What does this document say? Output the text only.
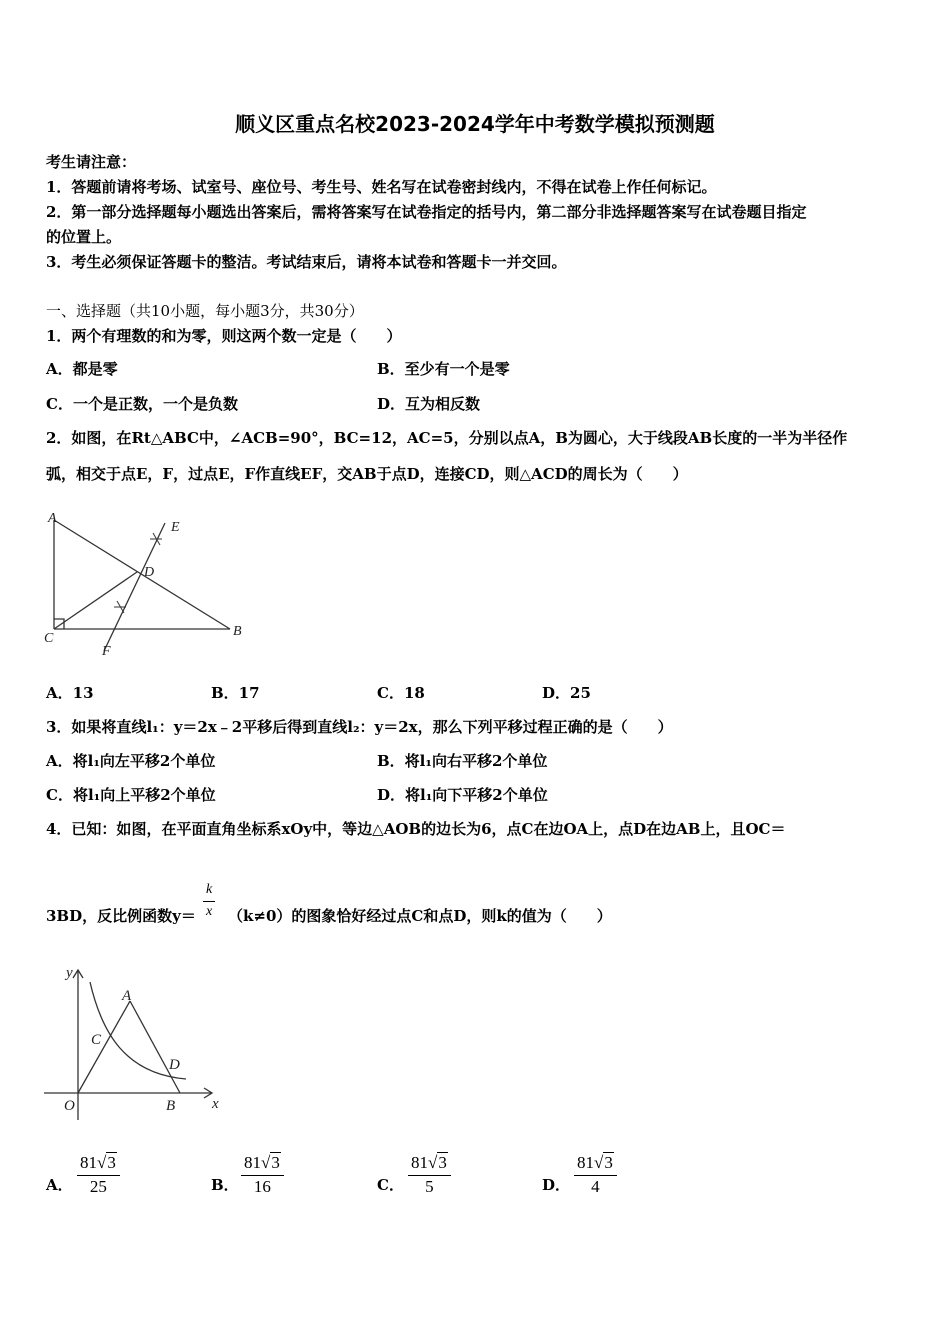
顺义区重点名校2023-2024学年中考数学模拟预测题
考生请注意：
1．答题前请将考场、试室号、座位号、考生号、姓名写在试卷密封线内，不得在试卷上作任何标记。
2．第一部分选择题每小题选出答案后，需将答案写在试卷指定的括号内，第二部分非选择题答案写在试卷题目指定
的位置上。
3．考生必须保证答题卡的整洁。考试结束后，请将本试卷和答题卡一并交回。
一、选择题（共10小题，每小题3分，共30分）
1．两个有理数的和为零，则这两个数一定是（　　）
A．都是零	B．至少有一个是零
C．一个是正数，一个是负数	D．互为相反数
2．如图，在Rt△ABC中，∠ACB=90°，BC=12，AC=5，分别以点A，B为圆心，大于线段AB长度的一半为半径作
弧，相交于点E，F，过点E，F作直线EF，交AB于点D，连接CD，则△ACD的周长为（　　）
A
C	B
D
E
F
A．13	B．17	C．18	D．25
3．如果将直线l₁：y＝2x﹣2平移后得到直线l₂：y＝2x，那么下列平移过程正确的是（　　）
A．将l₁向左平移2个单位	B．将l₁向右平移2个单位
C．将l₁向上平移2个单位	D．将l₁向下平移2个单位
4．已知：如图，在平面直角坐标系xOy中，等边△AOB的边长为6，点C在边OA上，点D在边AB上，且OC＝
3BD，反比例函数$y= \frac{k}{x} (k\ne 0)$的图象恰好经过点C和点D，则k的值为（　　）
y
x
O
A
B
C
D
A． $\frac{81√3}{25}$	B． $\frac{81√3}{16}$	C． $\frac{81√3}{5}$	D． $\frac{81√3}{4}$
